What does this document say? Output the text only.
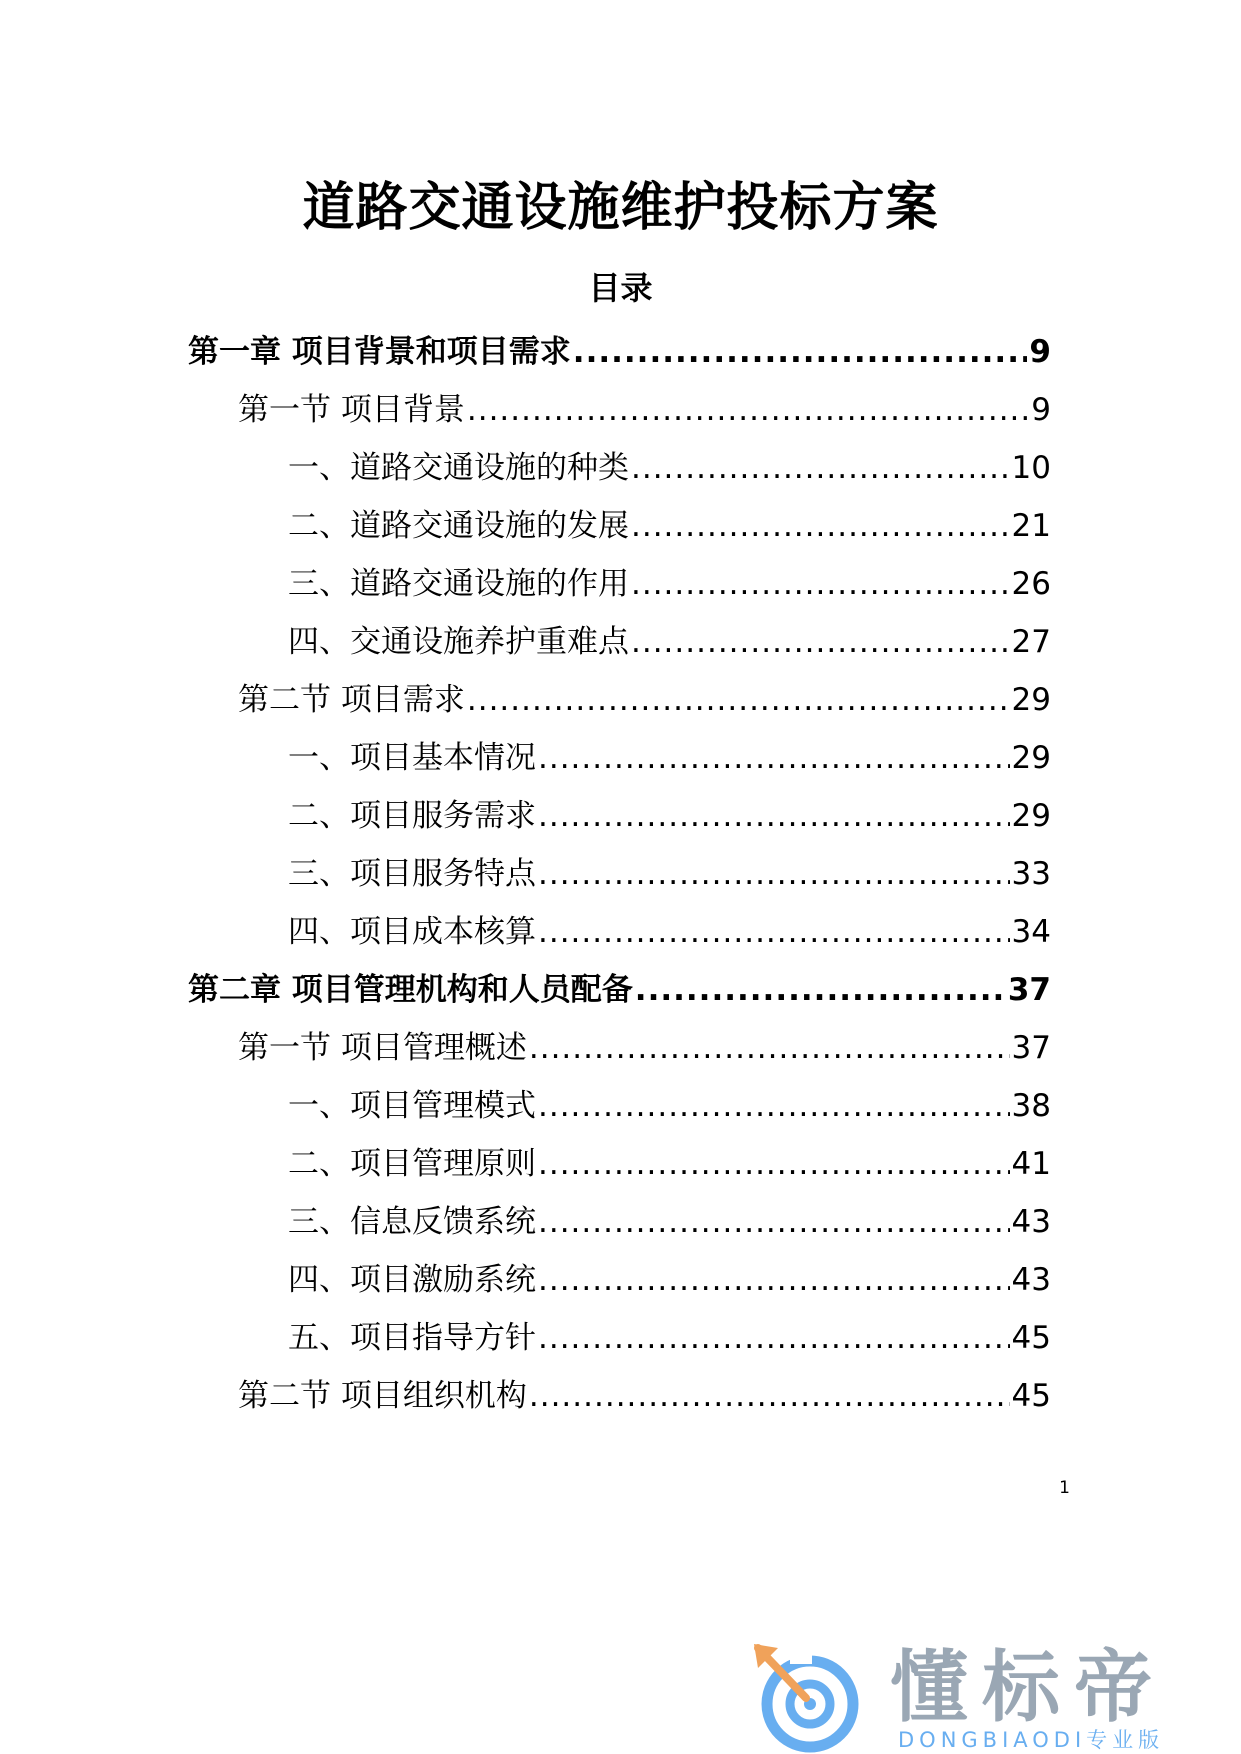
道路交通设施维护投标方案
目录
第一章 项目背景和项目需求 .....	9
第一节 项目背景 .....	9
一、道路交通设施的种类 .....	10
二、道路交通设施的发展 .....	21
三、道路交通设施的作用 .....	26
四、交通设施养护重难点 .....	27
第二节 项目需求 .....	29
一、项目基本情况 .....	29
二、项目服务需求 .....	29
三、项目服务特点 .....	33
四、项目成本核算 .....	34
第二章 项目管理机构和人员配备 .....	37
第一节 项目管理概述 .....	37
一、项目管理模式 .....	38
二、项目管理原则 .....	41
三、信息反馈系统 .....	43
四、项目激励系统 .....	43
五、项目指导方针 .....	45
第二节 项目组织机构 .....	45
1
懂标帝
DONGBIAODI专业版
